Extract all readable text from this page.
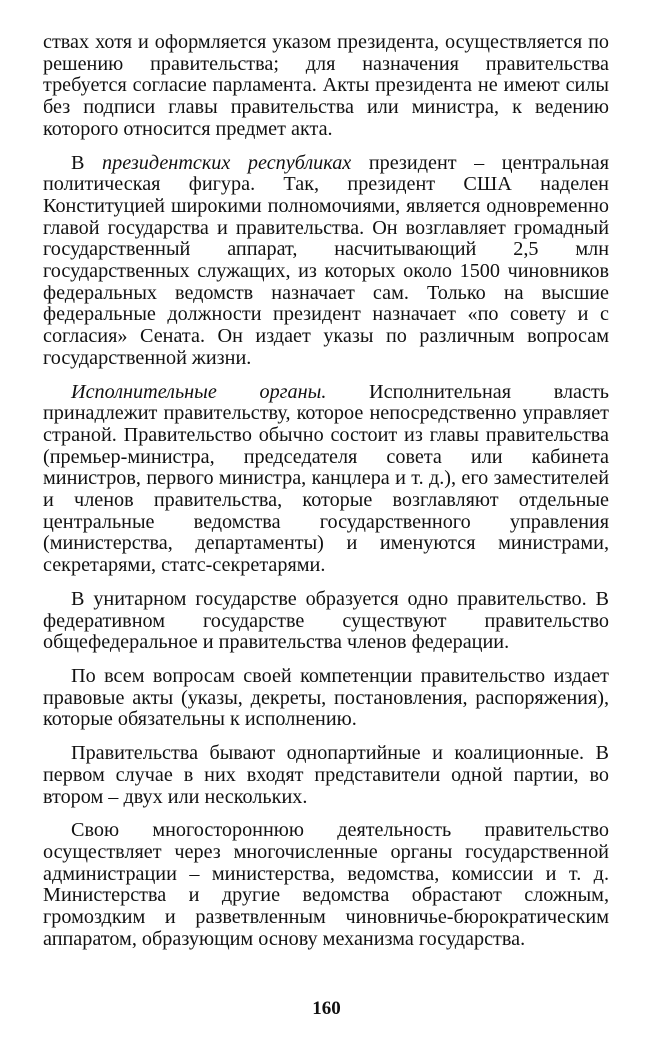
ствах хотя и оформляется указом президента, осуществляется по решению правительства; для назначения правительства требуется согласие парламента. Акты президента не имеют силы без подписи главы правительства или министра, к ведению которого относится предмет акта.

В президентских республиках президент – центральная политическая фигура. Так, президент США наделен Конституцией широкими полномочиями, является одновременно главой государства и правительства. Он возглавляет громадный государственный аппарат, насчитывающий 2,5 млн государственных служащих, из которых около 1500 чиновников федеральных ведомств назначает сам. Только на высшие федеральные должности президент назначает «по совету и с согласия» Сената. Он издает указы по различным вопросам государственной жизни.

Исполнительные органы. Исполнительная власть принадлежит правительству, которое непосредственно управляет страной. Правительство обычно состоит из главы правительства (премьер-министра, председателя совета или кабинета министров, первого министра, канцлера и т. д.), его заместителей и членов правительства, которые возглавляют отдельные центральные ведомства государственного управления (министерства, департаменты) и именуются министрами, секретарями, статс-секретарями.

В унитарном государстве образуется одно правительство. В федеративном государстве существуют правительство общефедеральное и правительства членов федерации.

По всем вопросам своей компетенции правительство издает правовые акты (указы, декреты, постановления, распоряжения), которые обязательны к исполнению.

Правительства бывают однопартийные и коалиционные. В первом случае в них входят представители одной партии, во втором – двух или нескольких.

Свою многостороннюю деятельность правительство осуществляет через многочисленные органы государственной администрации – министерства, ведомства, комиссии и т. д. Министерства и другие ведомства обрастают сложным, громоздким и разветвленным чиновничье-бюрократическим аппаратом, образующим основу механизма государства.

160
